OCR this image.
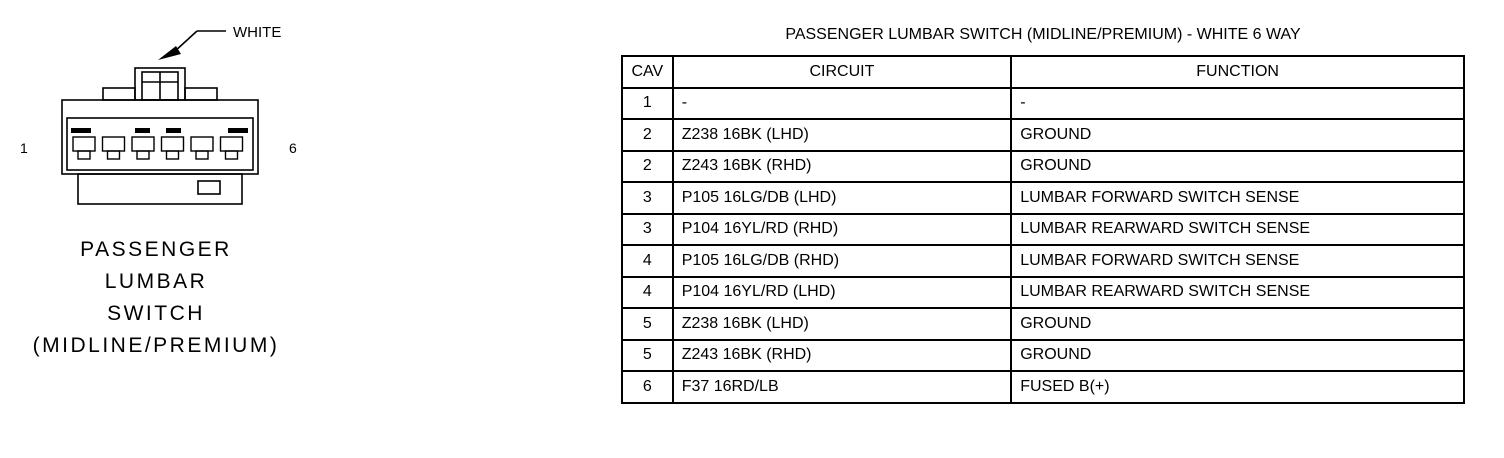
WHITE
1	6
PASSENGER
LUMBAR
SWITCH
(MIDLINE/PREMIUM)
PASSENGER LUMBAR SWITCH (MIDLINE/PREMIUM) - WHITE 6 WAY
CAV	CIRCUIT	FUNCTION
1	-	-
2	Z238 16BK (LHD)	GROUND
2	Z243 16BK (RHD)	GROUND
3	P105 16LG/DB (LHD)	LUMBAR FORWARD SWITCH SENSE
3	P104 16YL/RD (RHD)	LUMBAR REARWARD SWITCH SENSE
4	P105 16LG/DB (RHD)	LUMBAR FORWARD SWITCH SENSE
4	P104 16YL/RD (LHD)	LUMBAR REARWARD SWITCH SENSE
5	Z238 16BK (LHD)	GROUND
5	Z243 16BK (RHD)	GROUND
6	F37 16RD/LB	FUSED B(+)
